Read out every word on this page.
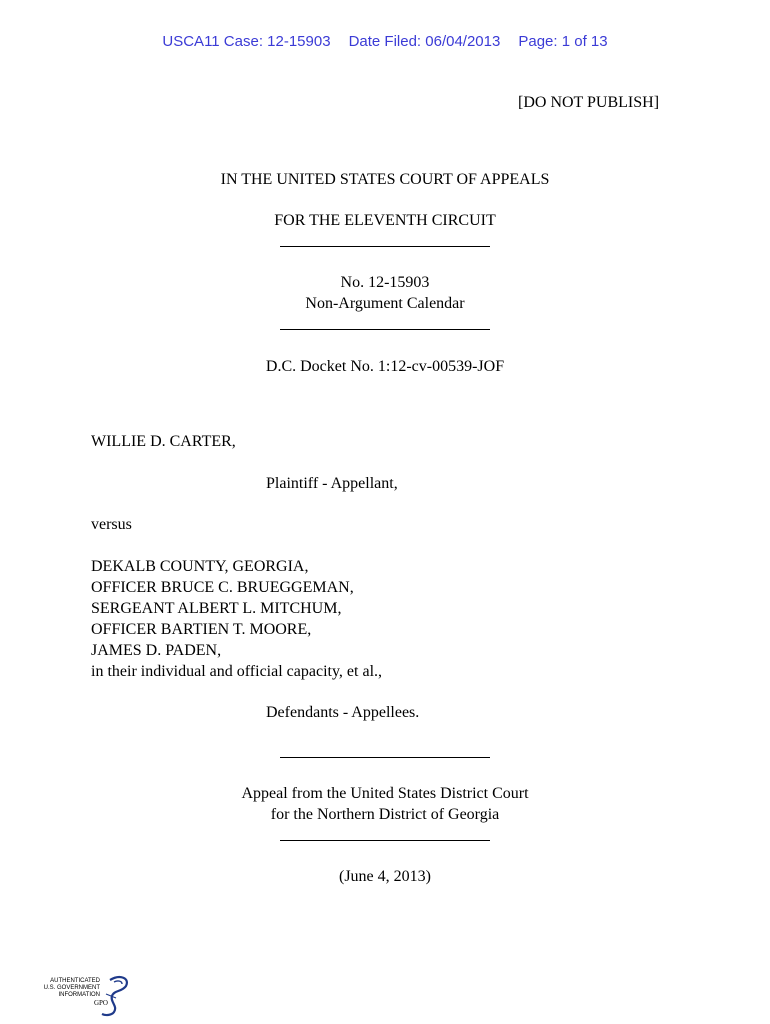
USCA11 Case: 12-15903 Date Filed: 06/04/2013 Page: 1 of 13
[DO NOT PUBLISH]
IN THE UNITED STATES COURT OF APPEALS
FOR THE ELEVENTH CIRCUIT
No. 12-15903
Non-Argument Calendar
D.C. Docket No. 1:12-cv-00539-JOF
WILLIE D. CARTER,
Plaintiff - Appellant,
versus
DEKALB COUNTY, GEORGIA,
OFFICER BRUCE C. BRUEGGEMAN,
SERGEANT ALBERT L. MITCHUM,
OFFICER BARTIEN T. MOORE,
JAMES D. PADEN,
in their individual and official capacity, et al.,
Defendants - Appellees.
Appeal from the United States District Court
for the Northern District of Georgia
(June 4, 2013)
AUTHENTICATED
U.S. GOVERNMENT
INFORMATION
GPO
